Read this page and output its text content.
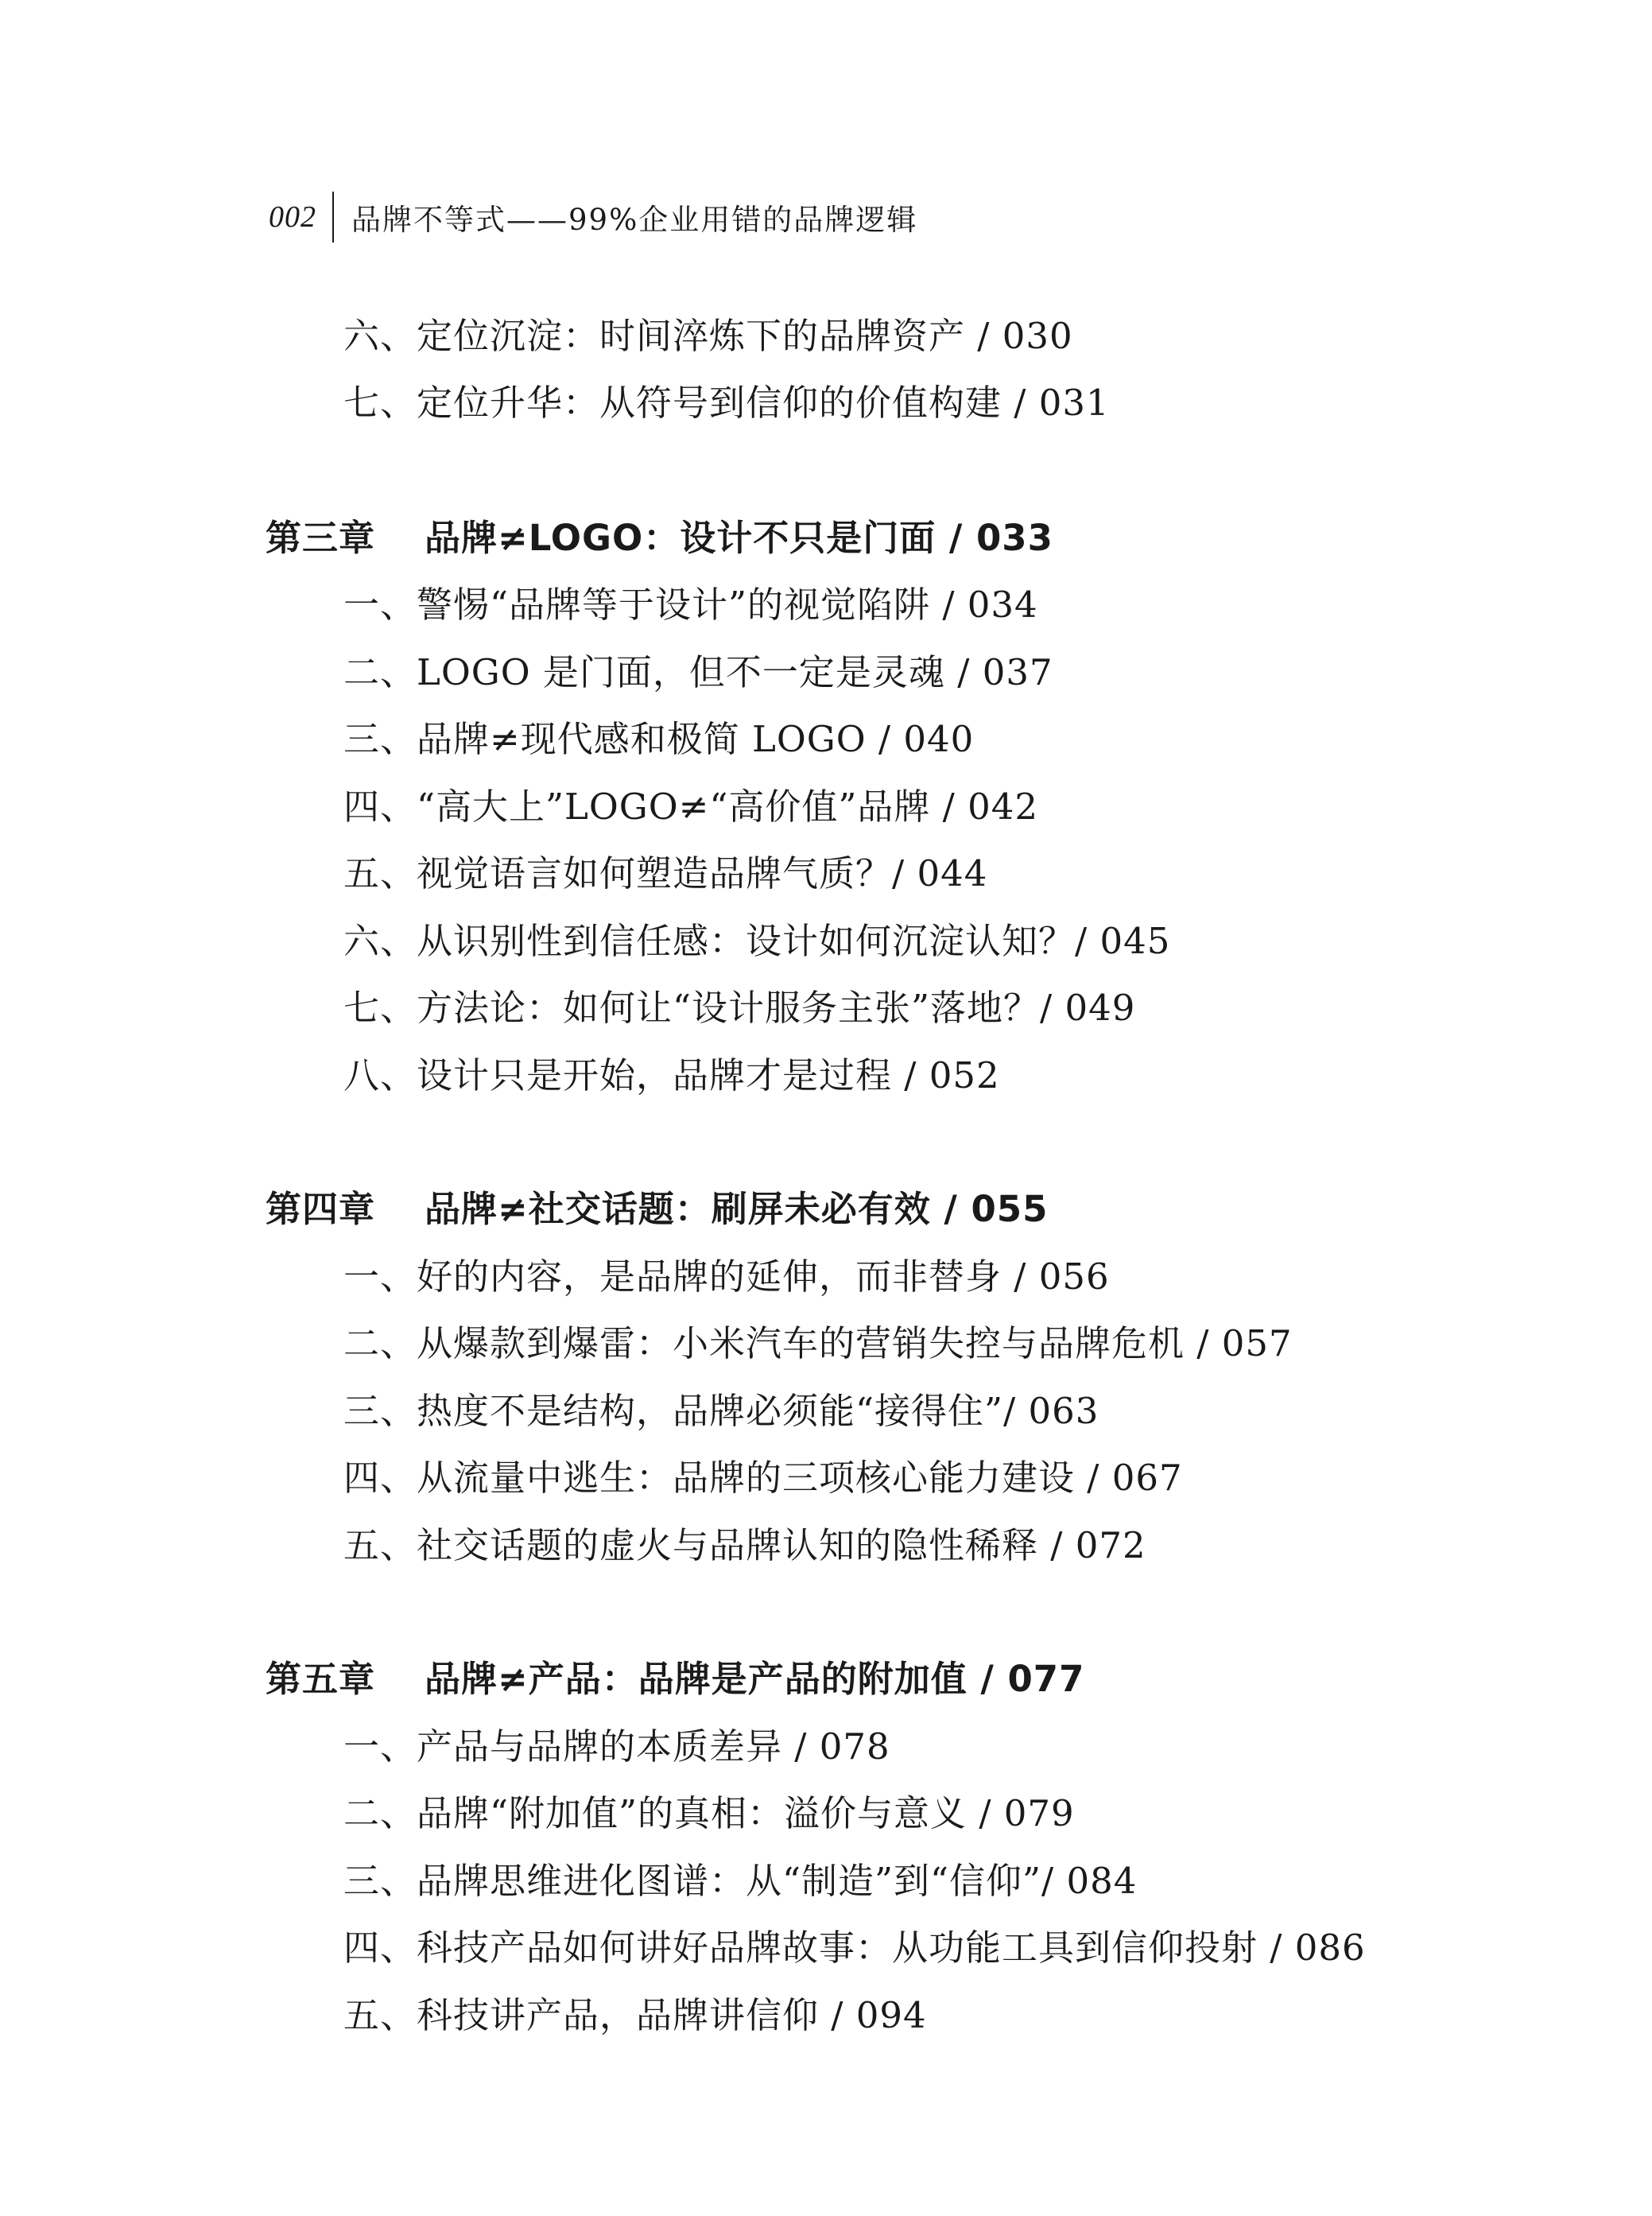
002 品牌不等式——99%企业用错的品牌逻辑
六、定位沉淀：时间淬炼下的品牌资产 / 030
七、定位升华：从符号到信仰的价值构建 / 031
第三章 品牌≠LOGO：设计不只是门面 / 033
一、警惕“品牌等于设计”的视觉陷阱 / 034
二、LOGO 是门面，但不一定是灵魂 / 037
三、品牌≠现代感和极简 LOGO / 040
四、“高大上”LOGO≠“高价值”品牌 / 042
五、视觉语言如何塑造品牌气质？/ 044
六、从识别性到信任感：设计如何沉淀认知？/ 045
七、方法论：如何让“设计服务主张”落地？/ 049
八、设计只是开始，品牌才是过程 / 052
第四章 品牌≠社交话题：刷屏未必有效 / 055
一、好的内容，是品牌的延伸，而非替身 / 056
二、从爆款到爆雷：小米汽车的营销失控与品牌危机 / 057
三、热度不是结构，品牌必须能“接得住”/ 063
四、从流量中逃生：品牌的三项核心能力建设 / 067
五、社交话题的虚火与品牌认知的隐性稀释 / 072
第五章 品牌≠产品：品牌是产品的附加值 / 077
一、产品与品牌的本质差异 / 078
二、品牌“附加值”的真相：溢价与意义 / 079
三、品牌思维进化图谱：从“制造”到“信仰”/ 084
四、科技产品如何讲好品牌故事：从功能工具到信仰投射 / 086
五、科技讲产品，品牌讲信仰 / 094
